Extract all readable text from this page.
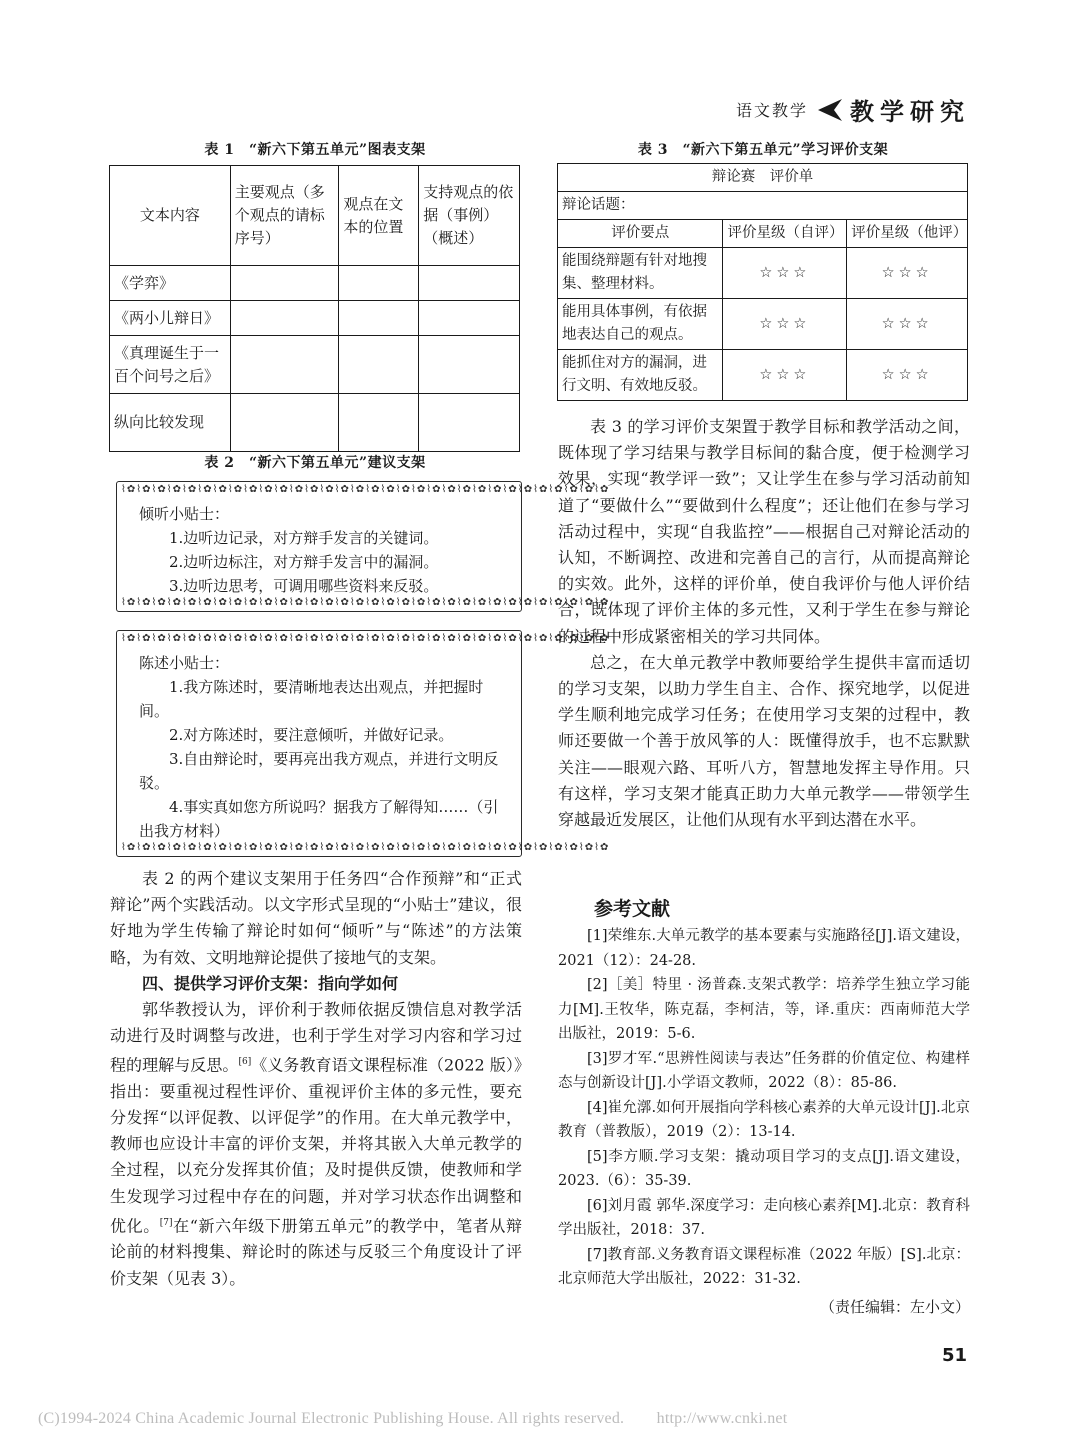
语文教学 教学研究
表 1　“新六下第五单元”图表支架
文本内容	主要观点（多个观点的请标序号）	观点在文本的位置	支持观点的依据（事例）（概述）
《学弈》			
《两小儿辩日》			
《真理诞生于一百个问号之后》			
纵向比较发现			
表 2　“新六下第五单元”建议支架
⌇✿⌇✿⌇✿⌇✿⌇✿⌇✿⌇✿⌇✿⌇✿⌇✿⌇✿⌇✿⌇✿⌇✿⌇✿⌇✿⌇✿⌇✿⌇✿⌇✿⌇✿⌇✿⌇✿⌇✿⌇✿⌇✿⌇✿⌇✿⌇✿⌇✿⌇✿⌇✿

倾听小贴士：

1.边听边记录，对方辩手发言的关键词。

2.边听边标注，对方辩手发言中的漏洞。

3.边听边思考，可调用哪些资料来反驳。

⌇✿⌇✿⌇✿⌇✿⌇✿⌇✿⌇✿⌇✿⌇✿⌇✿⌇✿⌇✿⌇✿⌇✿⌇✿⌇✿⌇✿⌇✿⌇✿⌇✿⌇✿⌇✿⌇✿⌇✿⌇✿⌇✿⌇✿⌇✿⌇✿⌇✿⌇✿⌇✿
⌇✿⌇✿⌇✿⌇✿⌇✿⌇✿⌇✿⌇✿⌇✿⌇✿⌇✿⌇✿⌇✿⌇✿⌇✿⌇✿⌇✿⌇✿⌇✿⌇✿⌇✿⌇✿⌇✿⌇✿⌇✿⌇✿⌇✿⌇✿⌇✿⌇✿⌇✿⌇✿

陈述小贴士：

1.我方陈述时，要清晰地表达出观点，并把握时间。

2.对方陈述时，要注意倾听，并做好记录。

3.自由辩论时，要再亮出我方观点，并进行文明反驳。

4.事实真如您方所说吗？据我方了解得知……（引出我方材料）

⌇✿⌇✿⌇✿⌇✿⌇✿⌇✿⌇✿⌇✿⌇✿⌇✿⌇✿⌇✿⌇✿⌇✿⌇✿⌇✿⌇✿⌇✿⌇✿⌇✿⌇✿⌇✿⌇✿⌇✿⌇✿⌇✿⌇✿⌇✿⌇✿⌇✿⌇✿⌇✿

表 2 的两个建议支架用于任务四“合作预辩”和“正式辩论”两个实践活动。以文字形式呈现的“小贴士”建议，很好地为学生传输了辩论时如何“倾听”与“陈述”的方法策略，为有效、文明地辩论提供了接地气的支架。

四、提供学习评价支架：指向学如何

郭华教授认为，评价利于教师依据反馈信息对教学活动进行及时调整与改进，也利于学生对学习内容和学习过程的理解与反思。[6]《义务教育语文课程标准（2022 版）》指出：要重视过程性评价、重视评价主体的多元性，要充分发挥“以评促教、以评促学”的作用。在大单元教学中，教师也应设计丰富的评价支架，并将其嵌入大单元教学的全过程，以充分发挥其价值；及时提供反馈，使教师和学生发现学习过程中存在的问题，并对学习状态作出调整和优化。[7]在“新六年级下册第五单元”的教学中，笔者从辩论前的材料搜集、辩论时的陈述与反驳三个角度设计了评价支架（见表 3）。

表 3　“新六下第五单元”学习评价支架
辩论赛　评价单		
辩论话题：		
评价要点	评价星级（自评）	评价星级（他评）
能围绕辩题有针对地搜集、整理材料。	☆☆☆	☆☆☆
能用具体事例，有依据地表达自己的观点。	☆☆☆	☆☆☆
能抓住对方的漏洞，进行文明、有效地反驳。	☆☆☆	☆☆☆

表 3 的学习评价支架置于教学目标和教学活动之间，既体现了学习结果与教学目标间的黏合度，便于检测学习效果，实现“教学评一致”；又让学生在参与学习活动前知道了“要做什么”“要做到什么程度”；还让他们在参与学习活动过程中，实现“自我监控”——根据自己对辩论活动的认知，不断调控、改进和完善自己的言行，从而提高辩论的实效。此外，这样的评价单，使自我评价与他人评价结合，既体现了评价主体的多元性，又利于学生在参与辩论的过程中形成紧密相关的学习共同体。

总之，在大单元教学中教师要给学生提供丰富而适切的学习支架，以助力学生自主、合作、探究地学，以促进学生顺利地完成学习任务；在使用学习支架的过程中，教师还要做一个善于放风筝的人：既懂得放手，也不忘默默关注——眼观六路、耳听八方，智慧地发挥主导作用。只有这样，学习支架才能真正助力大单元教学——带领学生穿越最近发展区，让他们从现有水平到达潜在水平。

参考文献

[1]荣维东.大单元教学的基本要素与实施路径[J].语文建设，2021（12）：24-28.

[2]［美］特里 · 汤普森.支架式教学：培养学生独立学习能力[M].王牧华，陈克磊，李柯洁，等，译.重庆：西南师范大学出版社，2019：5-6.

[3]罗才军.“思辨性阅读与表达”任务群的价值定位、构建样态与创新设计[J].小学语文教师，2022（8）：85-86.

[4]崔允漷.如何开展指向学科核心素养的大单元设计[J].北京教育（普教版），2019（2）：13-14.

[5]李方顺.学习支架：撬动项目学习的支点[J].语文建设，2023.（6）：35-39.

[6]刘月霞 郭华.深度学习：走向核心素养[M].北京：教育科学出版社，2018：37.

[7]教育部.义务教育语文课程标准（2022 年版）[S].北京：北京师范大学出版社，2022：31-32.

（责任编辑：左小文）
51
(C)1994-2024 China Academic Journal Electronic Publishing House. All rights reserved.　　http://www.cnki.net
